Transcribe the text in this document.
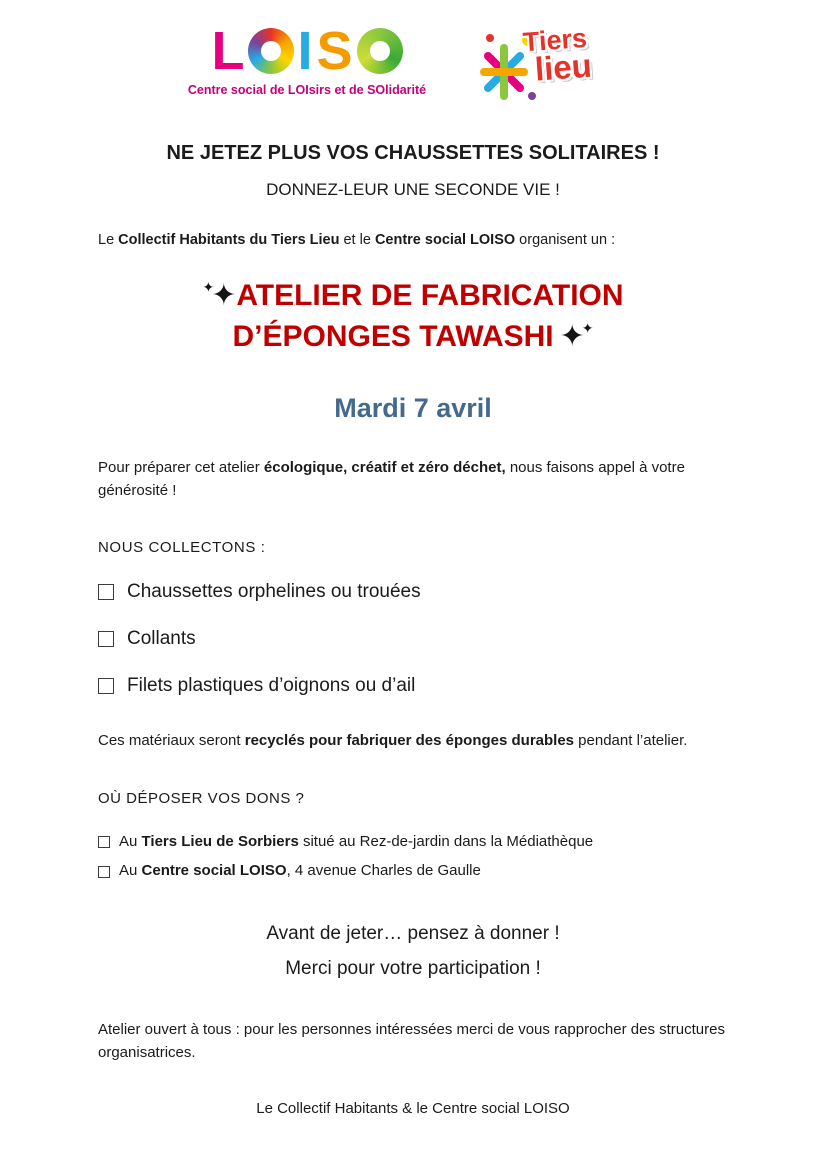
L I S
Centre social de LOIsirs et de SOlidarité
Tiers
lieu
NE JETEZ PLUS VOS CHAUSSETTES SOLITAIRES !
DONNEZ-LEUR UNE SECONDE VIE !

Le Collectif Habitants du Tiers Lieu et le Centre social LOISO organisent un :

✦✦ATELIER DE FABRICATION
D’ÉPONGES TAWASHI ✦✦
Mardi 7 avril

Pour préparer cet atelier écologique, créatif et zéro déchet, nous faisons appel à votre générosité !

NOUS COLLECTONS :
Chaussettes orphelines ou trouées
Collants
Filets plastiques d’oignons ou d’ail

Ces matériaux seront recyclés pour fabriquer des éponges durables pendant l’atelier.

OÙ DÉPOSER VOS DONS ?
Au Tiers Lieu de Sorbiers situé au Rez-de-jardin dans la Médiathèque
Au Centre social LOISO, 4 avenue Charles de Gaulle
Avant de jeter… pensez à donner !
Merci pour votre participation !

Atelier ouvert à tous : pour les personnes intéressées merci de vous rapprocher des structures organisatrices.

Le Collectif Habitants & le Centre social LOISO
